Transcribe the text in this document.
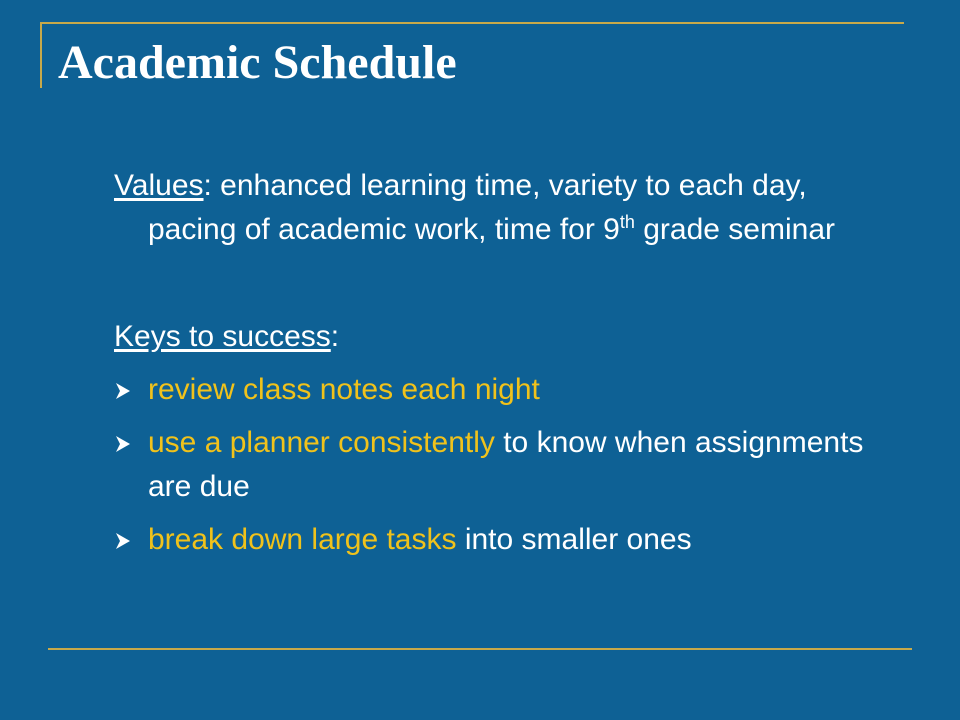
Academic Schedule

Values: enhanced learning time, variety to each day, pacing of academic work, time for 9th grade seminar

Keys to success:

review class notes each night
use a planner consistently to know when assignments are due
break down large tasks into smaller ones
